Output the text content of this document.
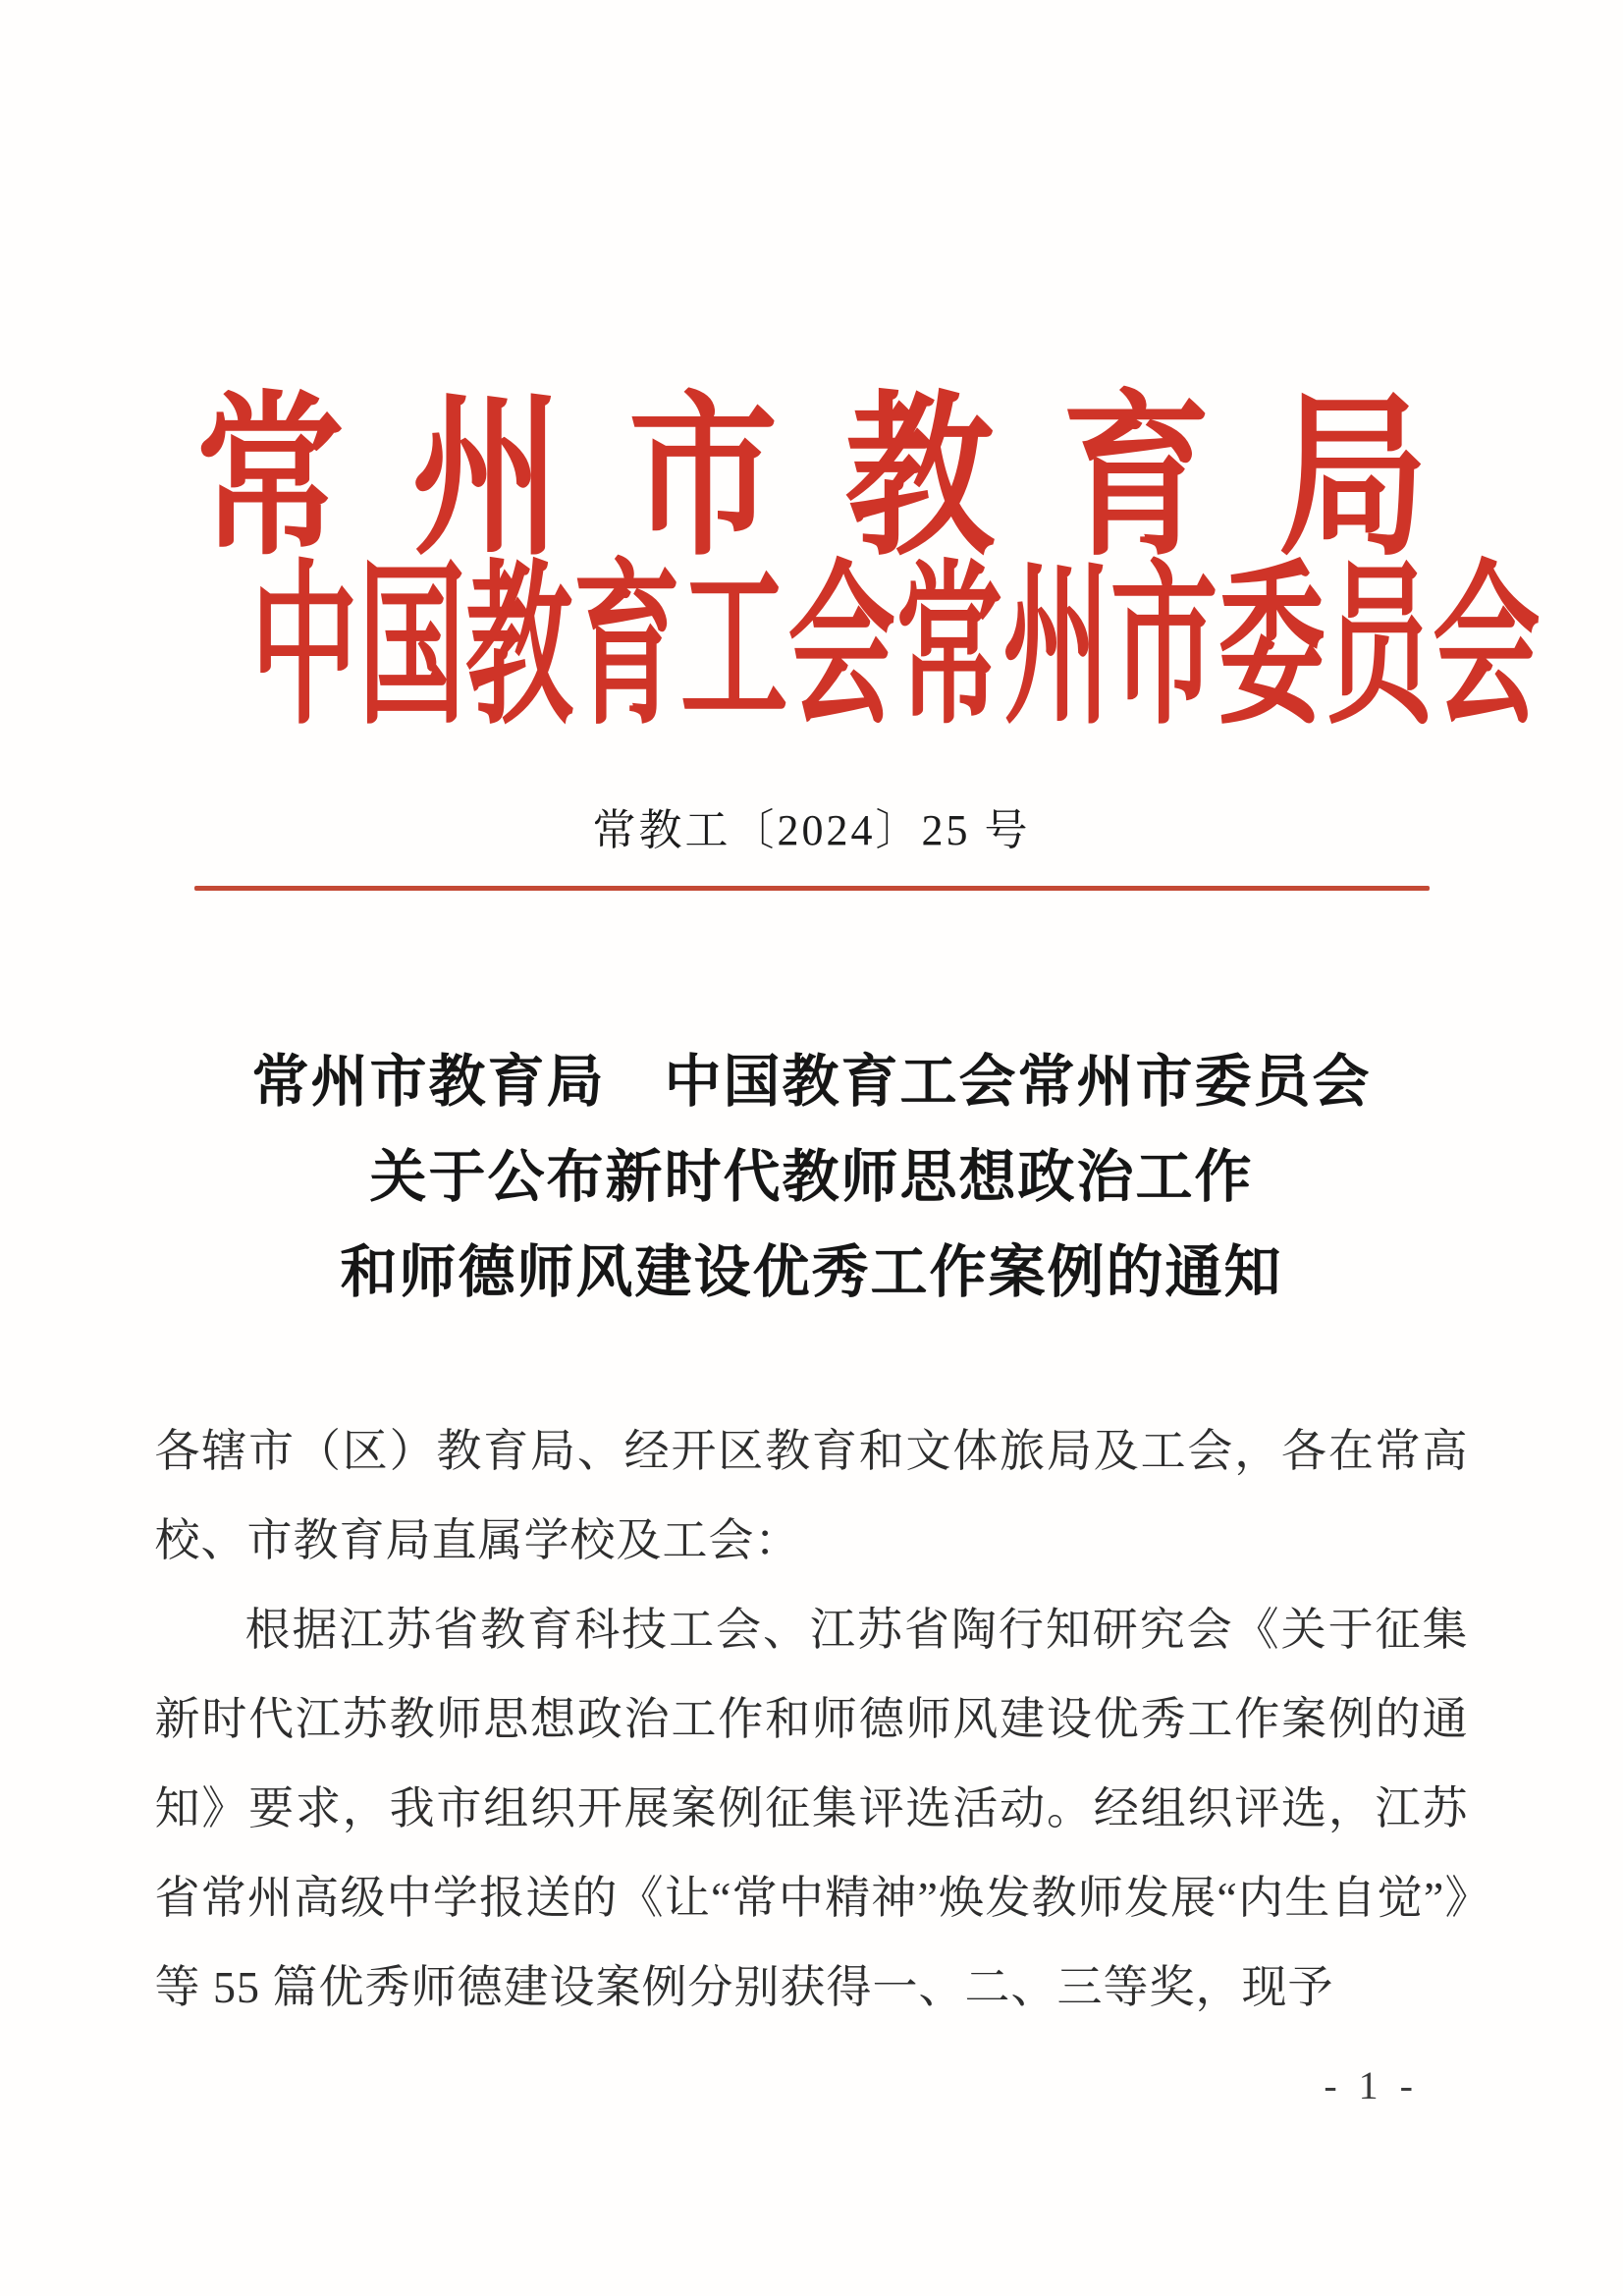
常 州 市 教 育 局
中国教育工会常州市委员会
常教工〔2024〕25 号
常州市教育局　中国教育工会常州市委员会
关于公布新时代教师思想政治工作
和师德师风建设优秀工作案例的通知

各辖市（区）教育局、经开区教育和文体旅局及工会，各在常高校、市教育局直属学校及工会：

根据江苏省教育科技工会、江苏省陶行知研究会《关于征集新时代江苏教师思想政治工作和师德师风建设优秀工作案例的通知》要求，我市组织开展案例征集评选活动。经组织评选，江苏省常州高级中学报送的《让“常中精神”焕发教师发展“内生自觉”》等 55 篇优秀师德建设案例分别获得一、二、三等奖，现予

- 1 -
